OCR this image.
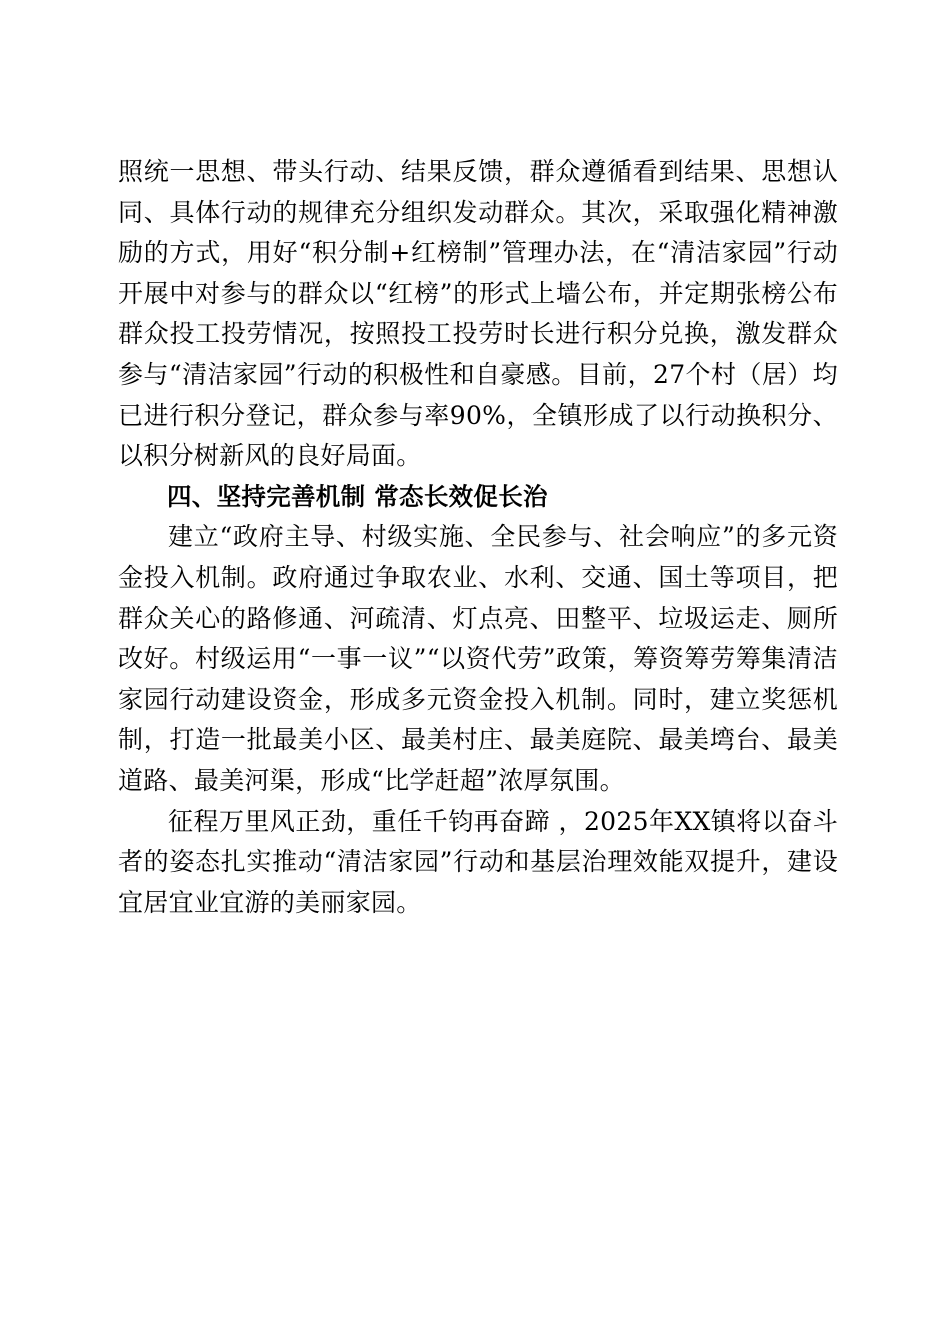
照统一思想、带头行动、结果反馈，群众遵循看到结果、思想认同、具体行动的规律充分组织发动群众。其次，采取强化精神激励的方式，用好“积分制+红榜制”管理办法，在“清洁家园”行动开展中对参与的群众以“红榜”的形式上墙公布，并定期张榜公布群众投工投劳情况，按照投工投劳时长进行积分兑换，激发群众参与“清洁家园”行动的积极性和自豪感。目前，27个村（居）均已进行积分登记，群众参与率90%，全镇形成了以行动换积分、以积分树新风的良好局面。

四、坚持完善机制 常态长效促长治

建立“政府主导、村级实施、全民参与、社会响应”的多元资金投入机制。政府通过争取农业、水利、交通、国土等项目，把群众关心的路修通、河疏清、灯点亮、田整平、垃圾运走、厕所改好。村级运用“一事一议”“以资代劳”政策，筹资筹劳筹集清洁家园行动建设资金，形成多元资金投入机制。同时，建立奖惩机制，打造一批最美小区、最美村庄、最美庭院、最美塆台、最美道路、最美河渠，形成“比学赶超”浓厚氛围。

征程万里风正劲，重任千钧再奋蹄 ，2025年XX镇将以奋斗者的姿态扎实推动“清洁家园”行动和基层治理效能双提升，建设宜居宜业宜游的美丽家园。
